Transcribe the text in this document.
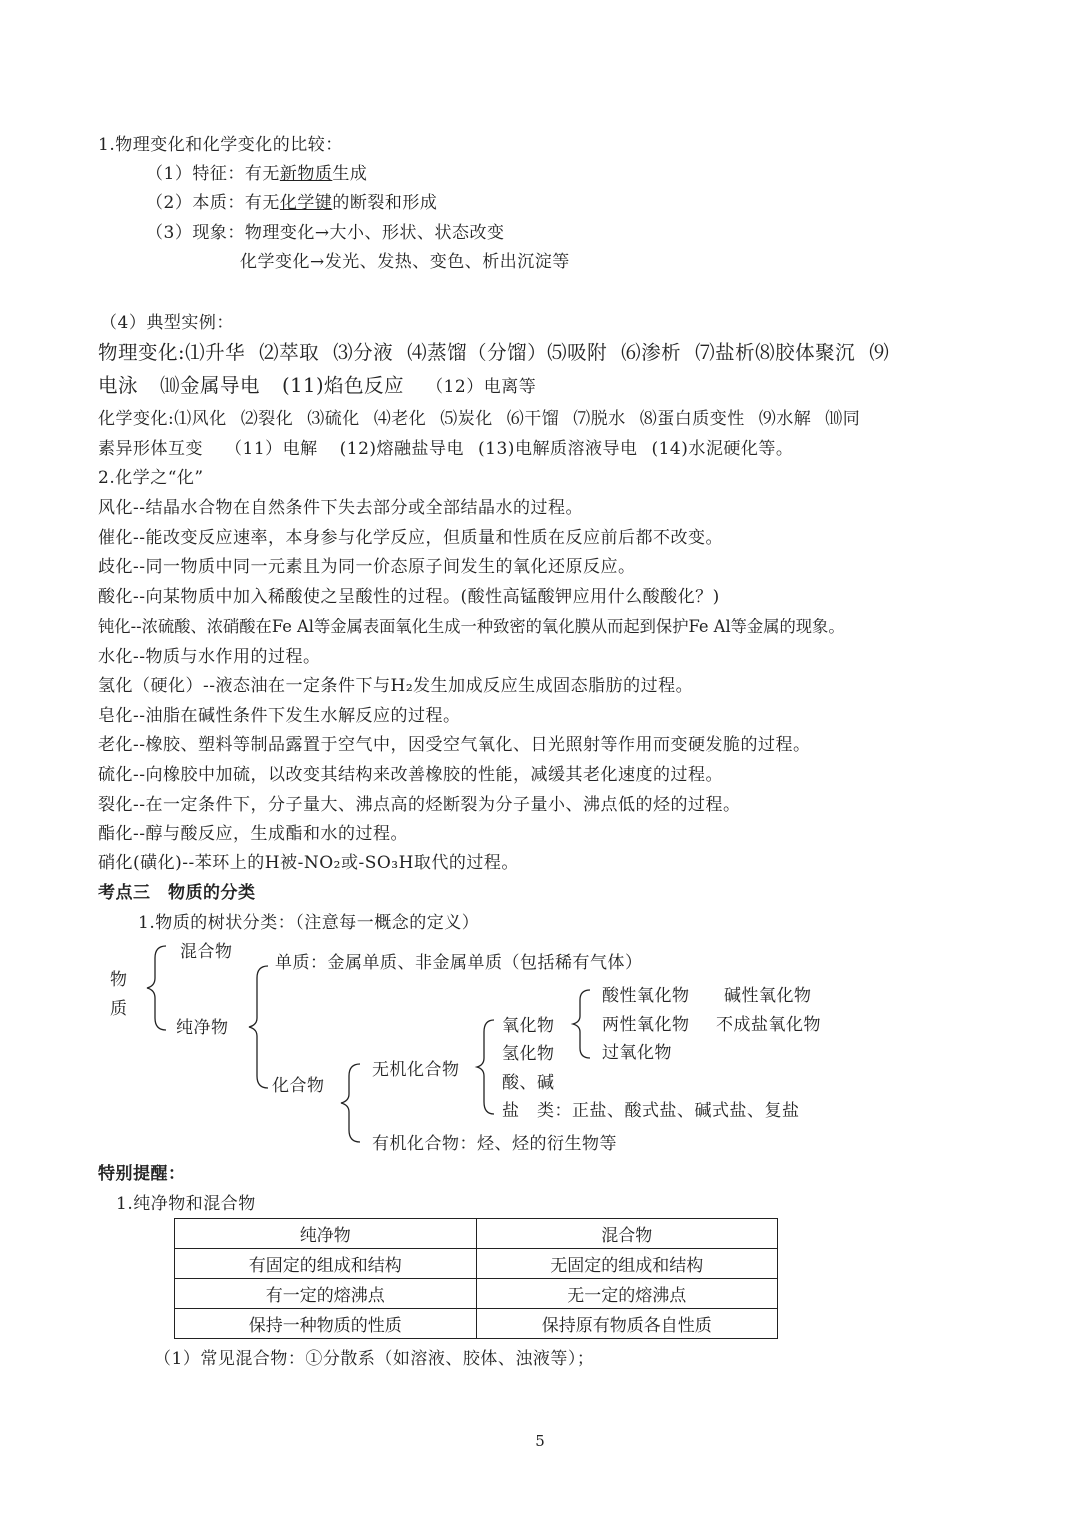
1.物理变化和化学变化的比较：
（1）特征：有无新物质生成
（2）本质：有无化学键的断裂和形成
（3）现象：物理变化→大小、形状、状态改变
化学变化→发光、发热、变色、析出沉淀等
（4）典型实例：
物理变化:⑴升华 ⑵萃取 ⑶分液 ⑷蒸馏（分馏）⑸吸附 ⑹渗析 ⑺盐析⑻胶体聚沉 ⑼
电泳 ⑽金属导电 (11)焰色反应 （12）电离等
化学变化:⑴风化 ⑵裂化 ⑶硫化 ⑷老化 ⑸炭化 ⑹干馏 ⑺脱水 ⑻蛋白质变性 ⑼水解 ⑽同
素异形体互变 （11）电解 (12)熔融盐导电 (13)电解质溶液导电 (14)水泥硬化等。
2.化学之“化”
风化--结晶水合物在自然条件下失去部分或全部结晶水的过程。
催化--能改变反应速率，本身参与化学反应，但质量和性质在反应前后都不改变。
歧化--同一物质中同一元素且为同一价态原子间发生的氧化还原反应。
酸化--向某物质中加入稀酸使之呈酸性的过程。(酸性高锰酸钾应用什么酸酸化？)
钝化--浓硫酸、浓硝酸在Fe Al等金属表面氧化生成一种致密的氧化膜从而起到保护Fe Al等金属的现象。
水化--物质与水作用的过程。
氢化（硬化）--液态油在一定条件下与H₂发生加成反应生成固态脂肪的过程。
皂化--油脂在碱性条件下发生水解反应的过程。
老化--橡胶、塑料等制品露置于空气中，因受空气氧化、日光照射等作用而变硬发脆的过程。
硫化--向橡胶中加硫，以改变其结构来改善橡胶的性能，减缓其老化速度的过程。
裂化--在一定条件下，分子量大、沸点高的烃断裂为分子量小、沸点低的烃的过程。
酯化--醇与酸反应，生成酯和水的过程。
硝化(磺化)--苯环上的H被-NO₂或-SO₃H取代的过程。
考点三　物质的分类
1.物质的树状分类：（注意每一概念的定义）
物
质
混合物
纯净物
单质：金属单质、非金属单质（包括稀有气体）
化合物
无机化合物
氧化物
氢化物
酸、碱
盐　类：正盐、酸式盐、碱式盐、复盐
酸性氧化物 碱性氧化物
两性氧化物 不成盐氧化物
过氧化物
有机化合物：烃、烃的衍生物等
特别提醒：
1.纯净物和混合物
纯净物	混合物
有固定的组成和结构	无固定的组成和结构
有一定的熔沸点	无一定的熔沸点
保持一种物质的性质	保持原有物质各自性质
（1）常见混合物：①分散系（如溶液、胶体、浊液等）；
5
